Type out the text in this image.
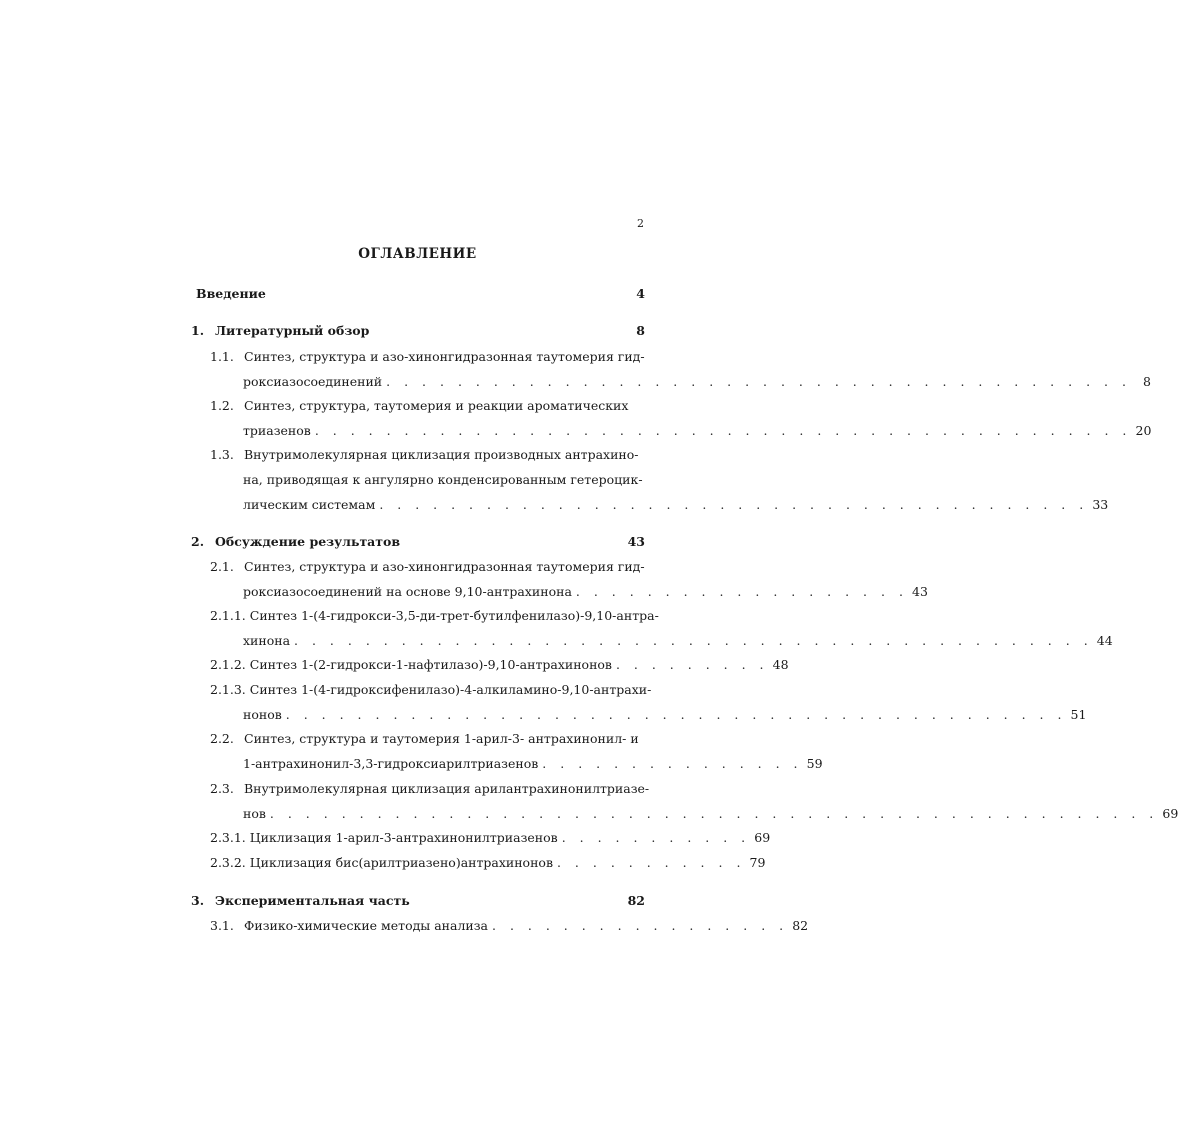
2
ОГЛАВЛЕНИЕ
Введение	4
1. Литературный обзор	8
1.1. Синтез, структура и азо-хинонгидразонная таутомерия гид-
роксиазосоединений . . . . . . . . . . . . . . . . . . . . . . . . . . . . . . . . . . . . . . . . . . 8
1.2. Синтез, структура, таутомерия и реакции ароматических
триазенов . . . . . . . . . . . . . . . . . . . . . . . . . . . . . . . . . . . . . . . . . . . . . . 20
1.3. Внутримолекулярная циклизация производных антрахино-
на, приводящая к ангулярно конденсированным гетероцик-
лическим системам . . . . . . . . . . . . . . . . . . . . . . . . . . . . . . . . . . . . . . . . 33
2. Обсуждение результатов	43
2.1. Синтез, структура и азо-хинонгидразонная таутомерия гид-
роксиазосоединений на основе 9,10-антрахинона . . . . . . . . . . . . . . . . . . . 43
2.1.1. Синтез 1-(4-гидрокси-3,5-ди-трет-бутилфенилазо)-9,10-антра-
хинона . . . . . . . . . . . . . . . . . . . . . . . . . . . . . . . . . . . . . . . . . . . . . 44
2.1.2. Синтез 1-(2-гидрокси-1-нафтилазо)-9,10-антрахинонов . . . . . . . . . 48
2.1.3. Синтез 1-(4-гидроксифенилазо)-4-алкиламино-9,10-антрахи-
нонов . . . . . . . . . . . . . . . . . . . . . . . . . . . . . . . . . . . . . . . . . . . . 51
2.2. Синтез, структура и таутомерия 1-арил-3- антрахинонил- и
1-антрахинонил-3,3-гидроксиарилтриазенов . . . . . . . . . . . . . . . 59
2.3. Внутримолекулярная циклизация арилантрахинонилтриазе-
нов . . . . . . . . . . . . . . . . . . . . . . . . . . . . . . . . . . . . . . . . . . . . . . . . . . 69
2.3.1. Циклизация 1-арил-3-антрахинонилтриазенов . . . . . . . . . . . 69
2.3.2. Циклизация бис(арилтриазено)антрахинонов . . . . . . . . . . . 79
3. Экспериментальная часть	82
3.1. Физико-химические методы анализа . . . . . . . . . . . . . . . . . 82
